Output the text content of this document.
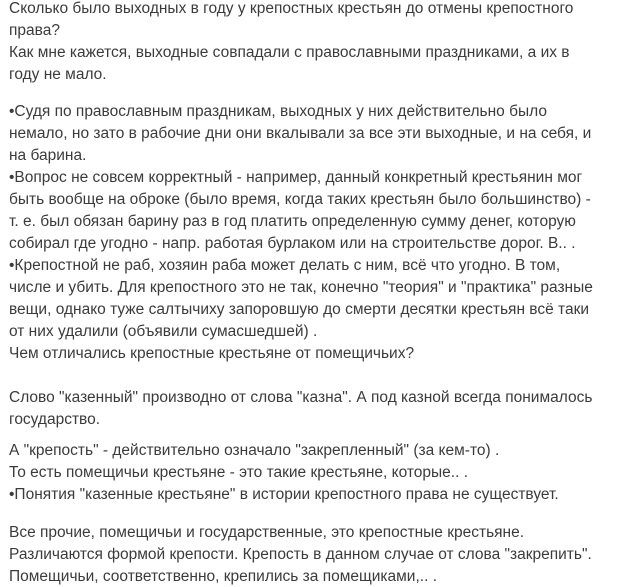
Сколько было выходных в году у крепостных крестьян до отмены крепостного
права?
Как мне кажется, выходные совпадали с православными праздниками, а их в
году не мало.
•Судя по православным праздникам, выходных у них действительно было
немало, но зато в рабочие дни они вкалывали за все эти выходные, и на себя, и
на барина.
•Вопрос не совсем корректный - например, данный конкретный крестьянин мог
быть вообще на оброке (было время, когда таких крестьян было большинство) -
т. е. был обязан барину раз в год платить определенную сумму денег, которую
собирал где угодно - напр. работая бурлаком или на строительстве дорог. В.. .
•Крепостной не раб, хозяин раба может делать с ним, всё что угодно. В том,
числе и убить. Для крепостного это не так, конечно "теория" и "практика" разные
вещи, однако туже салтычиху запоровшую до смерти десятки крестьян всё таки
от них удалили (объявили сумасшедшей) .
Чем отличались крепостные крестьяне от помещичьих?
Слово "казенный" производно от слова "казна". А под казной всегда понималось
государство.
А "крепость" - действительно означало "закрепленный" (за кем-то) .
То есть помещичьи крестьяне - это такие крестьяне, которые.. .
•Понятия "казенные крестьяне" в истории крепостного права не существует.
Все прочие, помещичьи и государственные, это крепостные крестьяне.
Различаются формой крепости. Крепость в данном случае от слова "закрепить".
Помещичьи, соответственно, крепились за помещиками,.. .
